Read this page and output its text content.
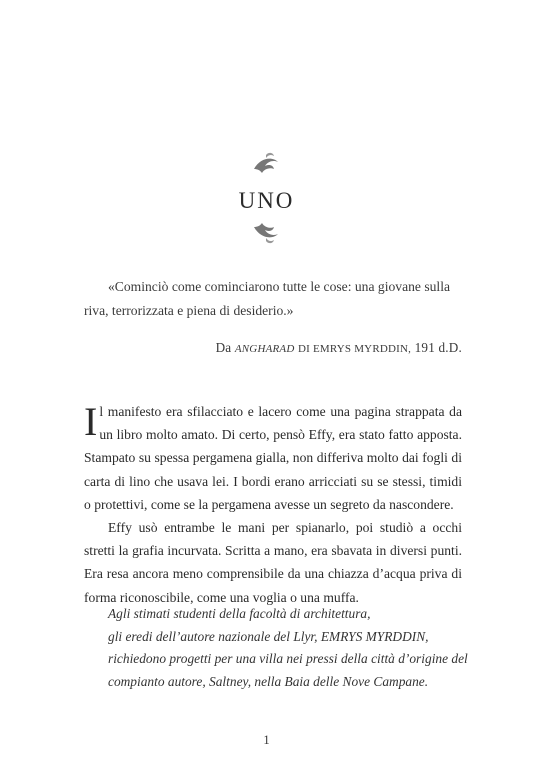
UNO
«Cominciò come cominciarono tutte le cose: una giovane sulla riva, terrorizzata e piena di desiderio.»
Da ANGHARAD DI EMRYS MYRDDIN, 191 d.D.

Il manifesto era sfilacciato e lacero come una pagina strappata da un libro molto amato. Di certo, pensò Effy, era stato fatto apposta. Stampato su spessa pergamena gialla, non differiva molto dai fogli di carta di lino che usava lei. I bordi erano arricciati su se stessi, timidi o protettivi, come se la pergamena avesse un segreto da nascondere.

Effy usò entrambe le mani per spianarlo, poi studiò a occhi stretti la grafia incurvata. Scritta a mano, era sbavata in diversi punti. Era resa ancora meno comprensibile da una chiazza d’acqua priva di forma riconoscibile, come una voglia o una muffa.

Agli stimati studenti della facoltà di architettura,
gli eredi dell’autore nazionale del Llyr, EMRYS MYRDDIN,
richiedono progetti per una villa nei pressi della città d’origine del
compianto autore, Saltney, nella Baia delle Nove Campane.
1
